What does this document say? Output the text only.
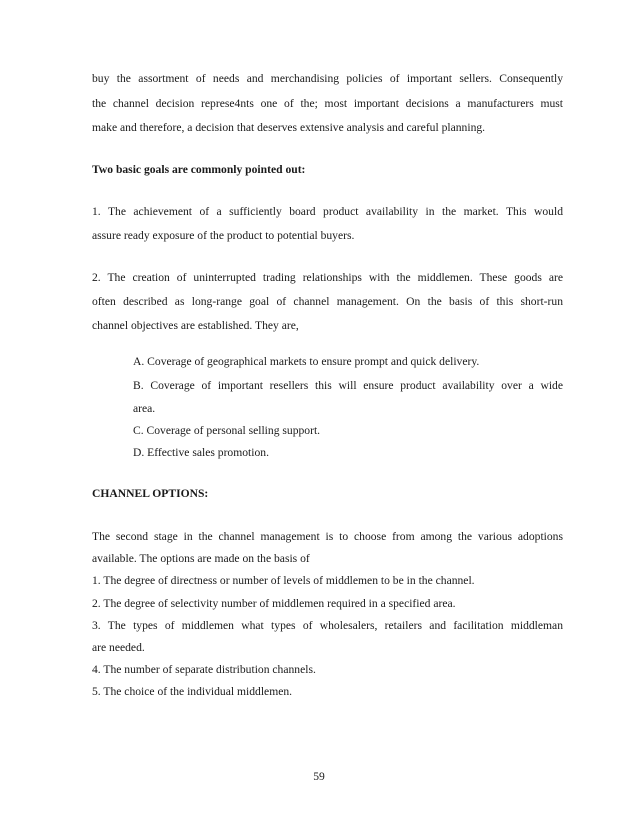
buy the assortment of needs and merchandising policies of important sellers. Consequently
the channel decision represe4nts one of the; most important decisions a manufacturers must
make and therefore, a decision that deserves extensive analysis and careful planning.
Two basic goals are commonly pointed out:
1. The achievement of a sufficiently board product availability in the market. This would
assure ready exposure of the product to potential buyers.
2. The creation of uninterrupted trading relationships with the middlemen. These goods are
often described as long-range goal of channel management. On the basis of this short-run
channel objectives are established. They are,
A. Coverage of geographical markets to ensure prompt and quick delivery.
B. Coverage of important resellers this will ensure product availability over a wide
area.
C. Coverage of personal selling support.
D. Effective sales promotion.
CHANNEL OPTIONS:
The second stage in the channel management is to choose from among the various adoptions
available. The options are made on the basis of
1. The degree of directness or number of levels of middlemen to be in the channel.
2. The degree of selectivity number of middlemen required in a specified area.
3. The types of middlemen what types of wholesalers, retailers and facilitation middleman
are needed.
4. The number of separate distribution channels.
5. The choice of the individual middlemen.
59
